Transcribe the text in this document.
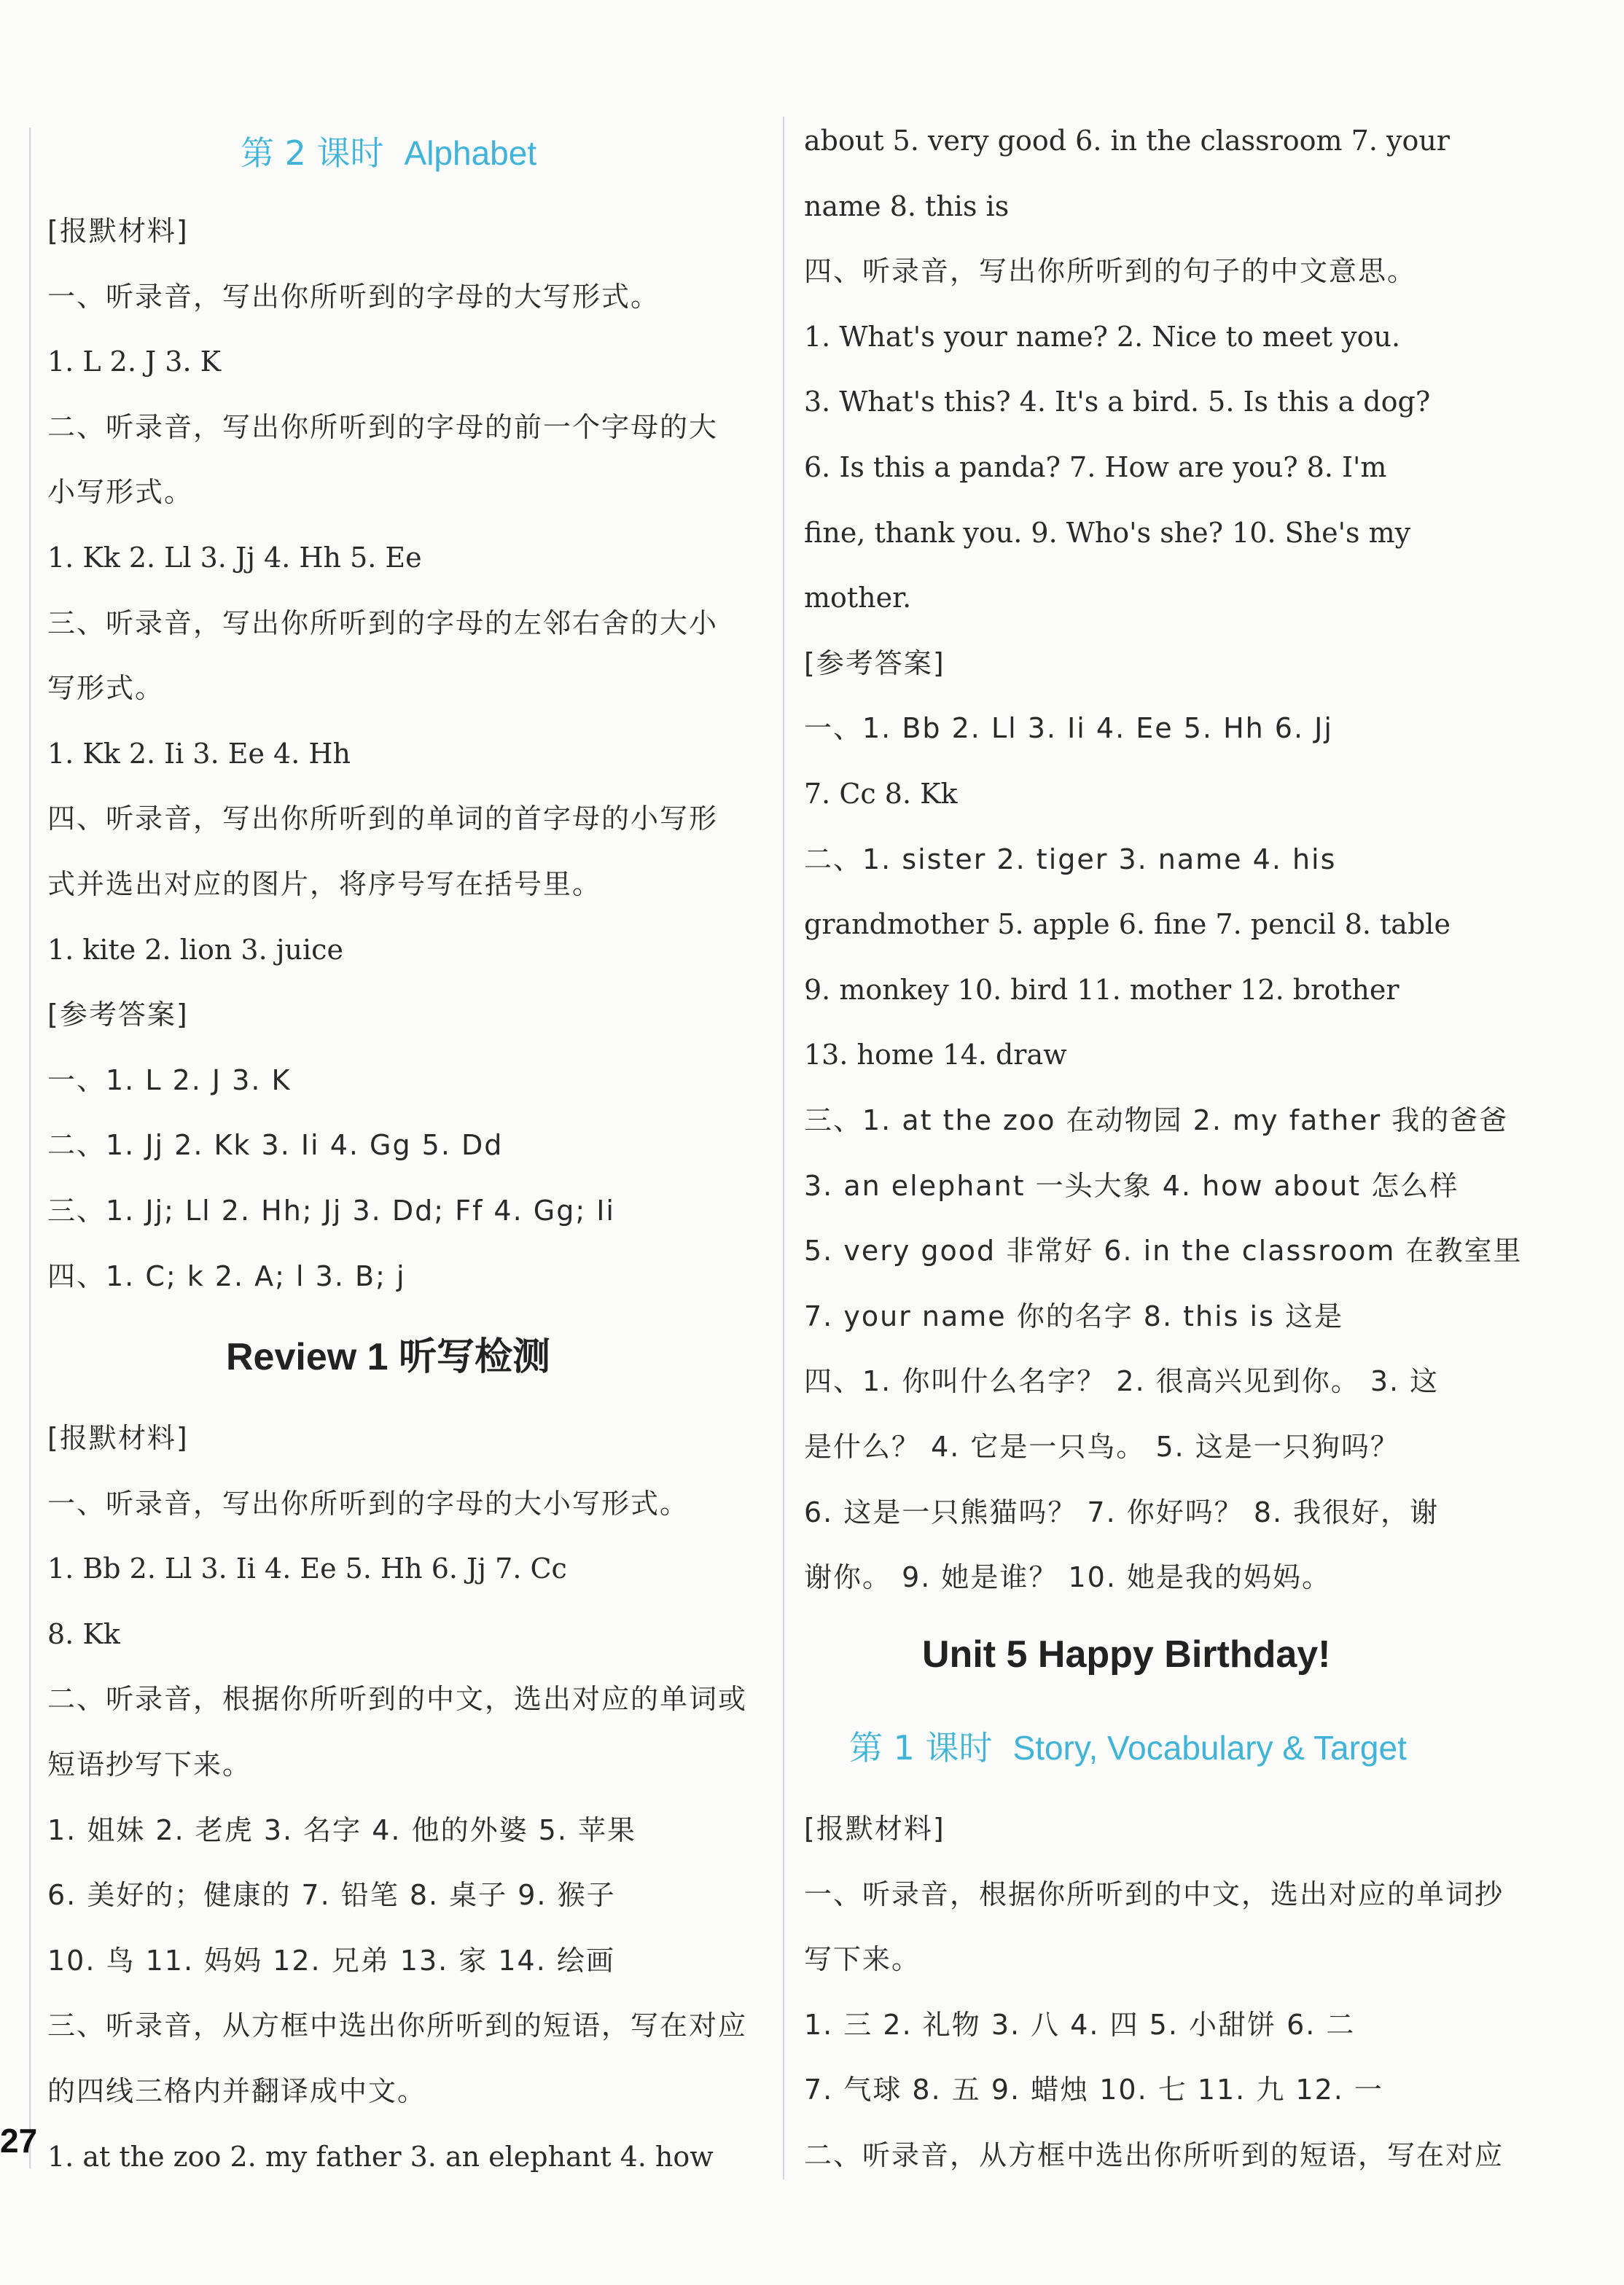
第 2 课时 Alphabet
[报默材料]
一、听录音，写出你所听到的字母的大写形式。
1. L 2. J 3. K
二、听录音，写出你所听到的字母的前一个字母的大
小写形式。
1. Kk 2. Ll 3. Jj 4. Hh 5. Ee
三、听录音，写出你所听到的字母的左邻右舍的大小
写形式。
1. Kk 2. Ii 3. Ee 4. Hh
四、听录音，写出你所听到的单词的首字母的小写形
式并选出对应的图片，将序号写在括号里。
1. kite 2. lion 3. juice
[参考答案]
一、1. L 2. J 3. K
二、1. Jj 2. Kk 3. Ii 4. Gg 5. Dd
三、1. Jj; Ll 2. Hh; Jj 3. Dd; Ff 4. Gg; Ii
四、1. C; k 2. A; l 3. B; j
Review 1 听写检测
[报默材料]
一、听录音，写出你所听到的字母的大小写形式。
1. Bb 2. Ll 3. Ii 4. Ee 5. Hh 6. Jj 7. Cc
8. Kk
二、听录音，根据你所听到的中文，选出对应的单词或
短语抄写下来。
1. 姐妹 2. 老虎 3. 名字 4. 他的外婆 5. 苹果
6. 美好的；健康的 7. 铅笔 8. 桌子 9. 猴子
10. 鸟 11. 妈妈 12. 兄弟 13. 家 14. 绘画
三、听录音，从方框中选出你所听到的短语，写在对应
的四线三格内并翻译成中文。
1. at the zoo 2. my father 3. an elephant 4. how
about 5. very good 6. in the classroom 7. your
name 8. this is
四、听录音，写出你所听到的句子的中文意思。
1. What's your name? 2. Nice to meet you.
3. What's this? 4. It's a bird. 5. Is this a dog?
6. Is this a panda? 7. How are you? 8. I'm
fine, thank you. 9. Who's she? 10. She's my
mother.
[参考答案]
一、1. Bb 2. Ll 3. Ii 4. Ee 5. Hh 6. Jj
7. Cc 8. Kk
二、1. sister 2. tiger 3. name 4. his
grandmother 5. apple 6. fine 7. pencil 8. table
9. monkey 10. bird 11. mother 12. brother
13. home 14. draw
三、1. at the zoo 在动物园 2. my father 我的爸爸
3. an elephant 一头大象 4. how about 怎么样
5. very good 非常好 6. in the classroom 在教室里
7. your name 你的名字 8. this is 这是
四、1. 你叫什么名字？ 2. 很高兴见到你。 3. 这
是什么？ 4. 它是一只鸟。 5. 这是一只狗吗？
6. 这是一只熊猫吗？ 7. 你好吗？ 8. 我很好，谢
谢你。 9. 她是谁？ 10. 她是我的妈妈。
Unit 5 Happy Birthday!
第 1 课时 Story, Vocabulary & Target
[报默材料]
一、听录音，根据你所听到的中文，选出对应的单词抄
写下来。
1. 三 2. 礼物 3. 八 4. 四 5. 小甜饼 6. 二
7. 气球 8. 五 9. 蜡烛 10. 七 11. 九 12. 一
二、听录音，从方框中选出你所听到的短语，写在对应
27
